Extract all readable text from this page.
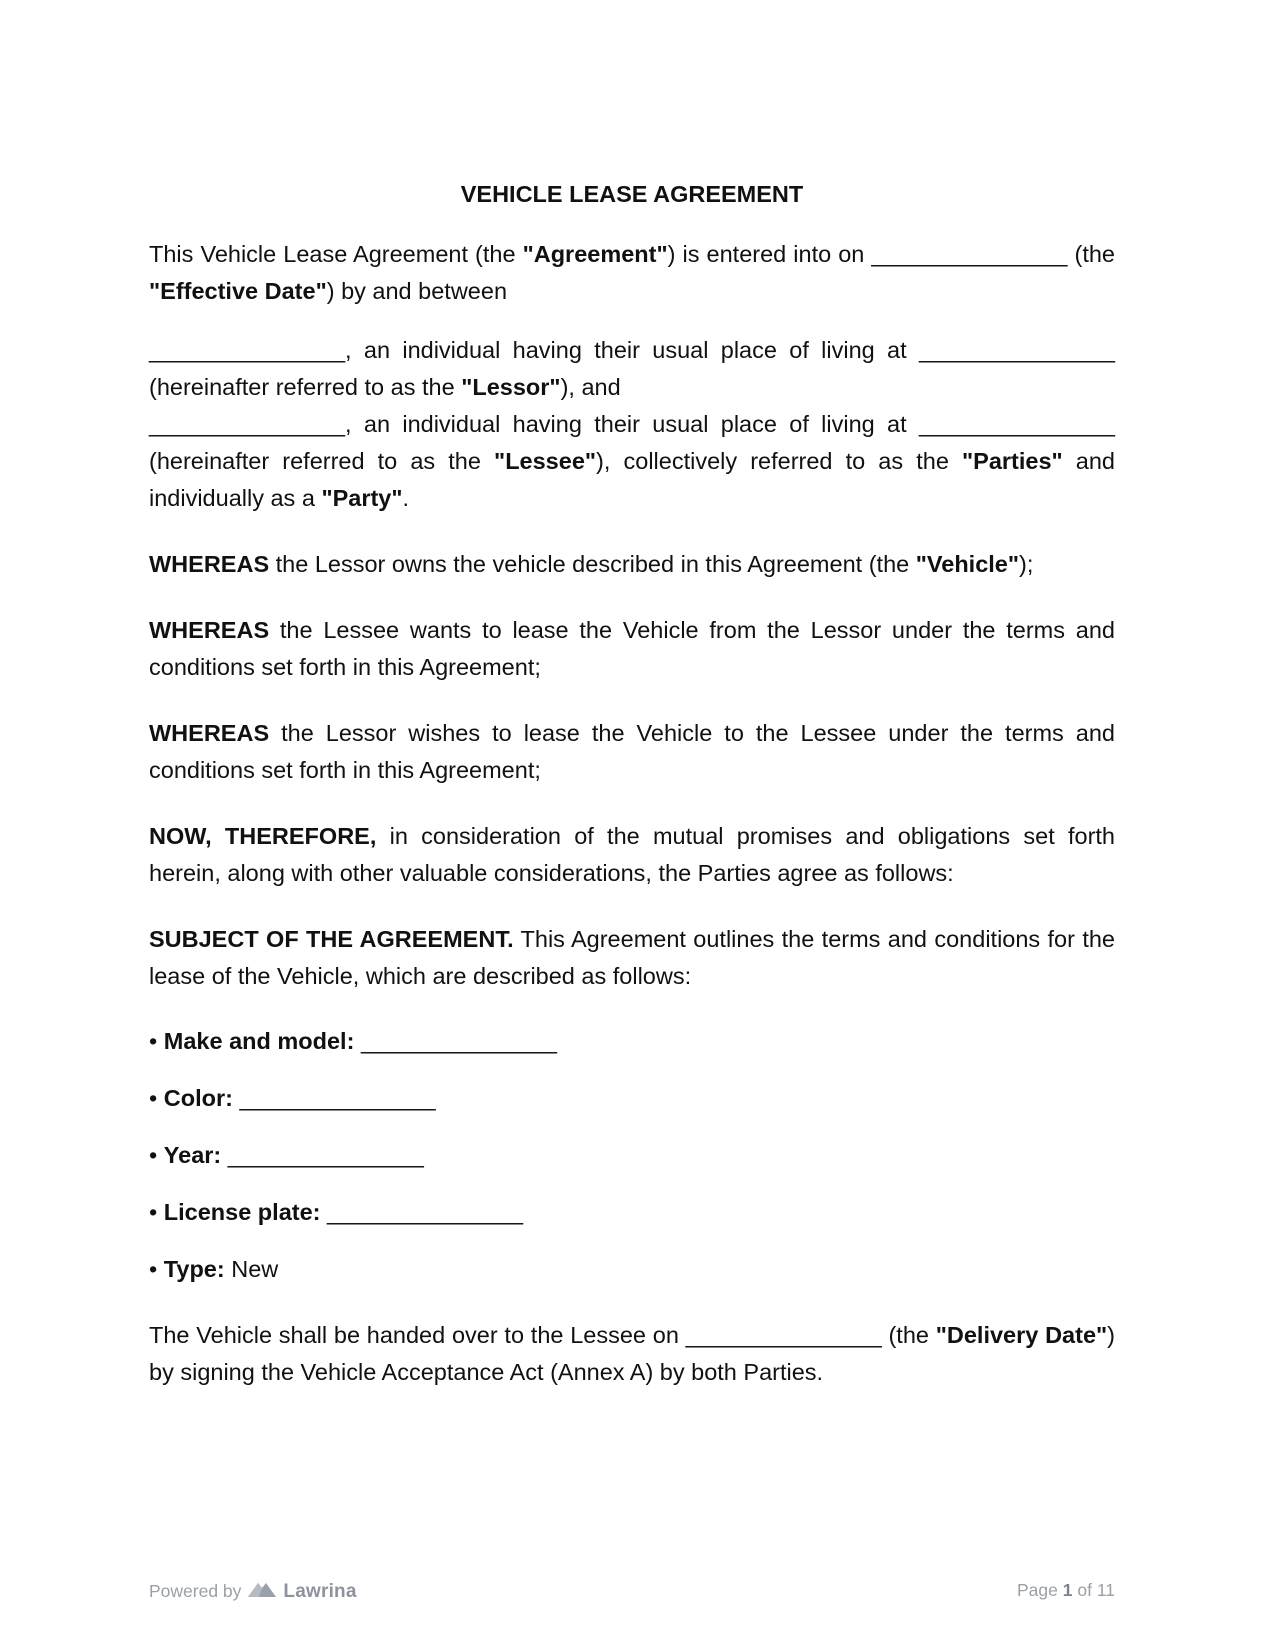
VEHICLE LEASE AGREEMENT

This Vehicle Lease Agreement (the "Agreement") is entered into on _______________ (the "Effective Date") by and between

_______________, an individual having their usual place of living at _______________ (hereinafter referred to as the "Lessor"), and

_______________, an individual having their usual place of living at _______________ (hereinafter referred to as the "Lessee"), collectively referred to as the "Parties" and individually as a "Party".

WHEREAS the Lessor owns the vehicle described in this Agreement (the "Vehicle");

WHEREAS the Lessee wants to lease the Vehicle from the Lessor under the terms and conditions set forth in this Agreement;

WHEREAS the Lessor wishes to lease the Vehicle to the Lessee under the terms and conditions set forth in this Agreement;

NOW, THEREFORE, in consideration of the mutual promises and obligations set forth herein, along with other valuable considerations, the Parties agree as follows:

SUBJECT OF THE AGREEMENT. This Agreement outlines the terms and conditions for the lease of the Vehicle, which are described as follows:

• Make and model: _______________

• Color: _______________

• Year: _______________

• License plate: _______________

• Type: New

The Vehicle shall be handed over to the Lessee on _______________ (the "Delivery Date") by signing the Vehicle Acceptance Act (Annex A) by both Parties.

Powered by Lawrina	Page 1 of 11
